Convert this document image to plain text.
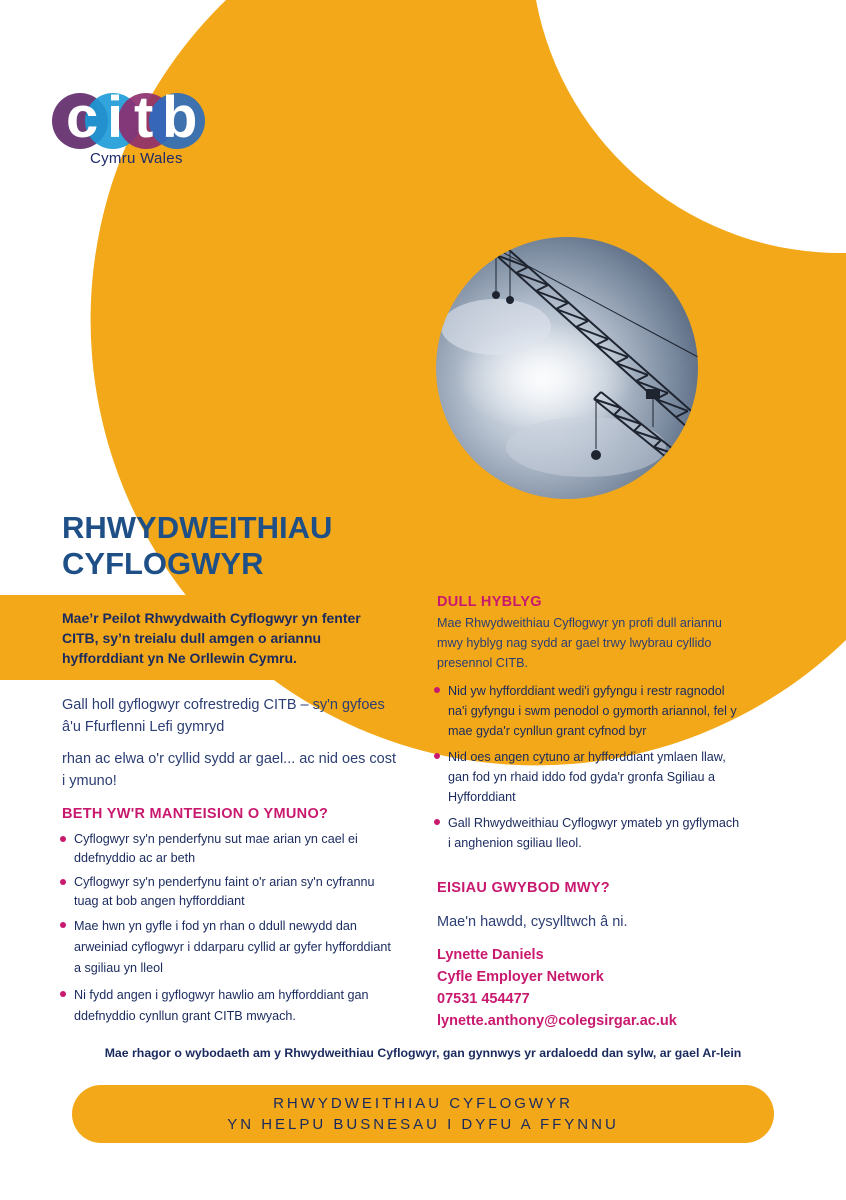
c i t b
Cymru Wales
RHWYDWEITHIAU
CYFLOGWYR
Mae’r Peilot Rhwydwaith Cyflogwyr yn fenter CITB, sy’n treialu dull amgen o ariannu hyfforddiant yn Ne Orllewin Cymru.
Gall holl gyflogwyr cofrestredig CITB – sy'n gyfoes â'u Ffurflenni Lefi gymryd
rhan ac elwa o'r cyllid sydd ar gael... ac nid oes cost i ymuno!
BETH YW'R MANTEISION O YMUNO?
Cyflogwyr sy'n penderfynu sut mae arian yn cael ei ddefnyddio ac ar beth
Cyflogwyr sy'n penderfynu faint o'r arian sy'n cyfrannu tuag at bob angen hyfforddiant
Mae hwn yn gyfle i fod yn rhan o ddull newydd dan arweiniad cyflogwyr i ddarparu cyllid ar gyfer hyfforddiant a sgiliau yn lleol
Ni fydd angen i gyflogwyr hawlio am hyfforddiant gan ddefnyddio cynllun grant CITB mwyach.
DULL HYBLYG
Mae Rhwydweithiau Cyflogwyr yn profi dull ariannu mwy hyblyg nag sydd ar gael trwy lwybrau cyllido presennol CITB.
Nid yw hyfforddiant wedi'i gyfyngu i restr ragnodol na'i gyfyngu i swm penodol o gymorth ariannol, fel y mae gyda'r cynllun grant cyfnod byr
Nid oes angen cytuno ar hyfforddiant ymlaen llaw, gan fod yn rhaid iddo fod gyda'r gronfa Sgiliau a Hyfforddiant
Gall Rhwydweithiau Cyflogwyr ymateb yn gyflymach i anghenion sgiliau lleol.
EISIAU GWYBOD MWY?
Mae'n hawdd, cysylltwch â ni.
Lynette Daniels
Cyfle Employer Network
07531 454477
lynette.anthony@colegsirgar.ac.uk
Mae rhagor o wybodaeth am y Rhwydweithiau Cyflogwyr, gan gynnwys yr ardaloedd dan sylw, ar gael Ar-lein
RHWYDWEITHIAU CYFLOGWYR
YN HELPU BUSNESAU I DYFU A FFYNNU
